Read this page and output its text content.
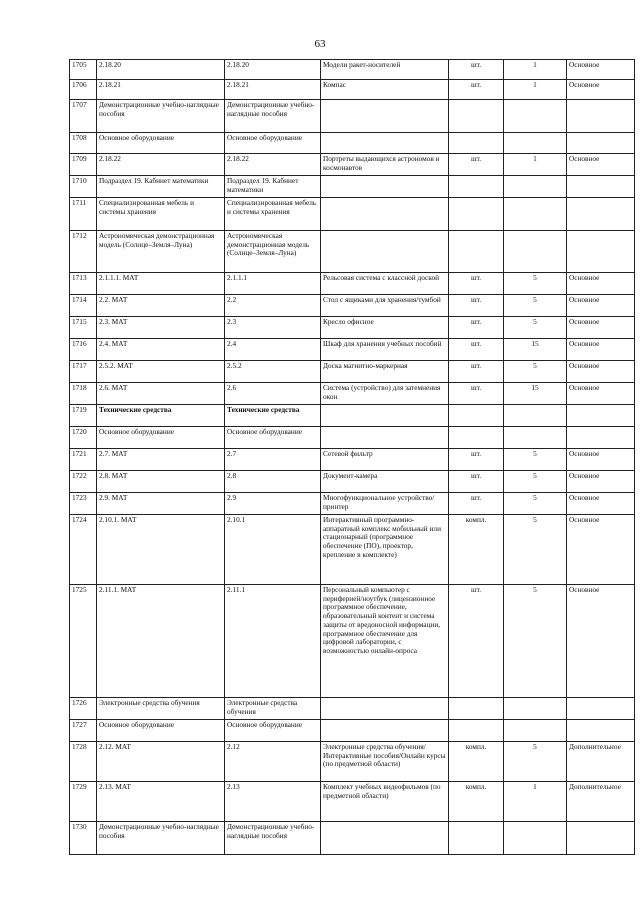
63
1705	2.18.20	2.18.20	Модели ракет-носителей	шт.	1	Основное
1706	2.18.21	2.18.21	Компас	шт.	1	Основное
1707	Демонстрационные учебно-наглядные пособия	Демонстрационные учебно-наглядные пособия				
1708	Основное оборудование	Основное оборудование				
1709	2.18.22	2.18.22	Портреты выдающихся астрономов и космонавтов	шт.	1	Основное
1710	Подраздел 19. Кабинет математики	Подраздел 19. Кабинет математики				
1711	Специализированная мебель и системы хранения	Специализированная мебель и системы хранения				
1712	Астрономическая демонстрационная модель (Солнце–Земля–Луна)	Астрономическая демонстрационная модель (Солнце–Земля–Луна)				
1713	2.1.1.1. МАТ	2.1.1.1	Рельсовая система с классной доской	шт.	5	Основное
1714	2.2. МАТ	2.2	Стол с ящиками для хранения/тумбой	шт.	5	Основное
1715	2.3. МАТ	2.3	Кресло офисное	шт.	5	Основное
1716	2.4. МАТ	2.4	Шкаф для хранения учебных пособий	шт.	15	Основное
1717	2.5.2. МАТ	2.5.2	Доска магнитно-маркерная	шт.	5	Основное
1718	2.6. МАТ	2.6	Система (устройство) для затемнения окон	шт.	15	Основное
1719	Технические средства	Технические средства				
1720	Основное оборудование	Основное оборудование				
1721	2.7. МАТ	2.7	Сетевой фильтр	шт.	5	Основное
1722	2.8. МАТ	2.8	Документ-камера	шт.	5	Основное
1723	2.9. МАТ	2.9	Многофункциональное устройство/принтер	шт.	5	Основное
1724	2.10.1. МАТ	2.10.1	Интерактивный программно-аппаратный комплекс мобильный или стационарный (программное обеспечение (ПО), проектор, крепление в комплекте)	компл.	5	Основное
1725	2.11.1. МАТ	2.11.1	Персональный компьютер с периферией/ноутбук (лицензионное программное обеспечение, образовательный контент и система защиты от вредоносной информации, программное обеспечение для цифровой лаборатории, с возможностью онлайн-опроса	шт.	5	Основное
1726	Электронные средства обучения	Электронные средства обучения				
1727	Основное оборудование	Основное оборудование				
1728	2.12. МАТ	2.12	Электронные средства обучения/Интерактивные пособия/Онлайн курсы (по предметной области)	компл.	5	Дополнительное
1729	2.13. МАТ	2.13	Комплект учебных видеофильмов (по предметной области)	компл.	1	Дополнительное
1730	Демонстрационные учебно-наглядные пособия	Демонстрационные учебно-наглядные пособия				
